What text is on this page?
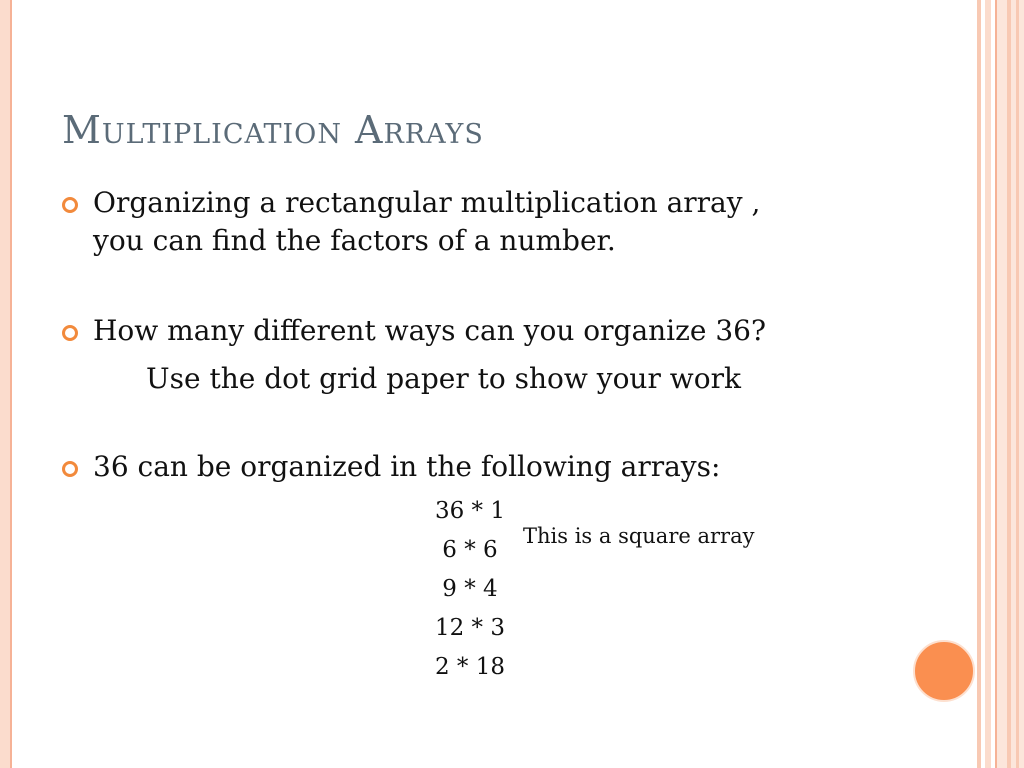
Multiplication Arrays
Organizing a rectangular multiplication array ,
you can find the factors of a number.
How many different ways can you organize 36?
Use the dot grid paper to show your work
36 can be organized in the following arrays:
36 * 1
6 * 6
9 * 4
12 * 3
2 * 18
This is a square array
